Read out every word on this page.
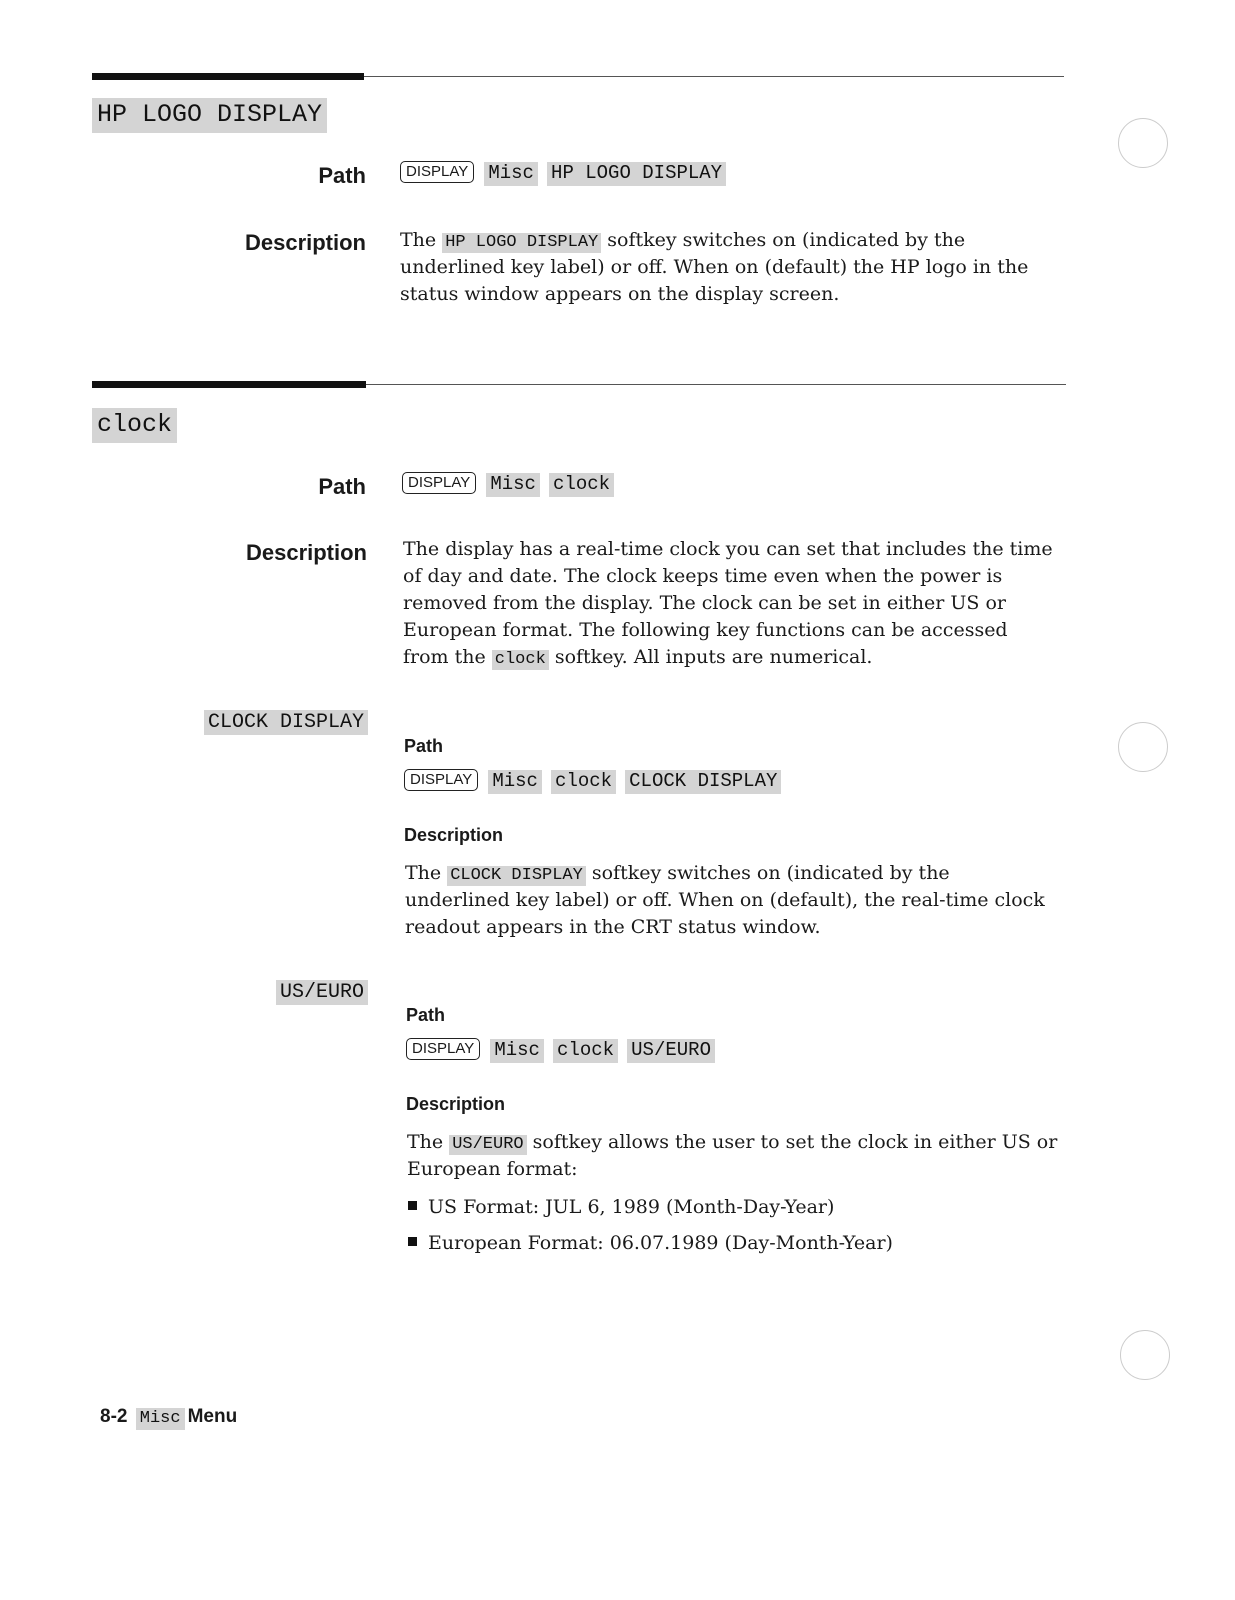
HP LOGO DISPLAY
Path	DISPLAY Misc HP LOGO DISPLAY
Description The HP LOGO DISPLAY softkey switches on (indicated by the underlined key label) or off. When on (default) the HP logo in the status window appears on the display screen.
clock
Path	DISPLAY Misc clock
Description The display has a real-time clock you can set that includes the time of day and date. The clock keeps time even when the power is removed from the display. The clock can be set in either US or European format. The following key functions can be accessed from the clock softkey. All inputs are numerical.
CLOCK DISPLAY
Path
DISPLAY Misc clock CLOCK DISPLAY
Description
The CLOCK DISPLAY softkey switches on (indicated by the underlined key label) or off. When on (default), the real-time clock readout appears in the CRT status window.
US/EURO
Path
DISPLAY Misc clock US/EURO
Description
The US/EURO softkey allows the user to set the clock in either US or European format:
US Format: JUL 6, 1989 (Month-Day-Year)
European Format: 06.07.1989 (Day-Month-Year)
8-2 Misc Menu
